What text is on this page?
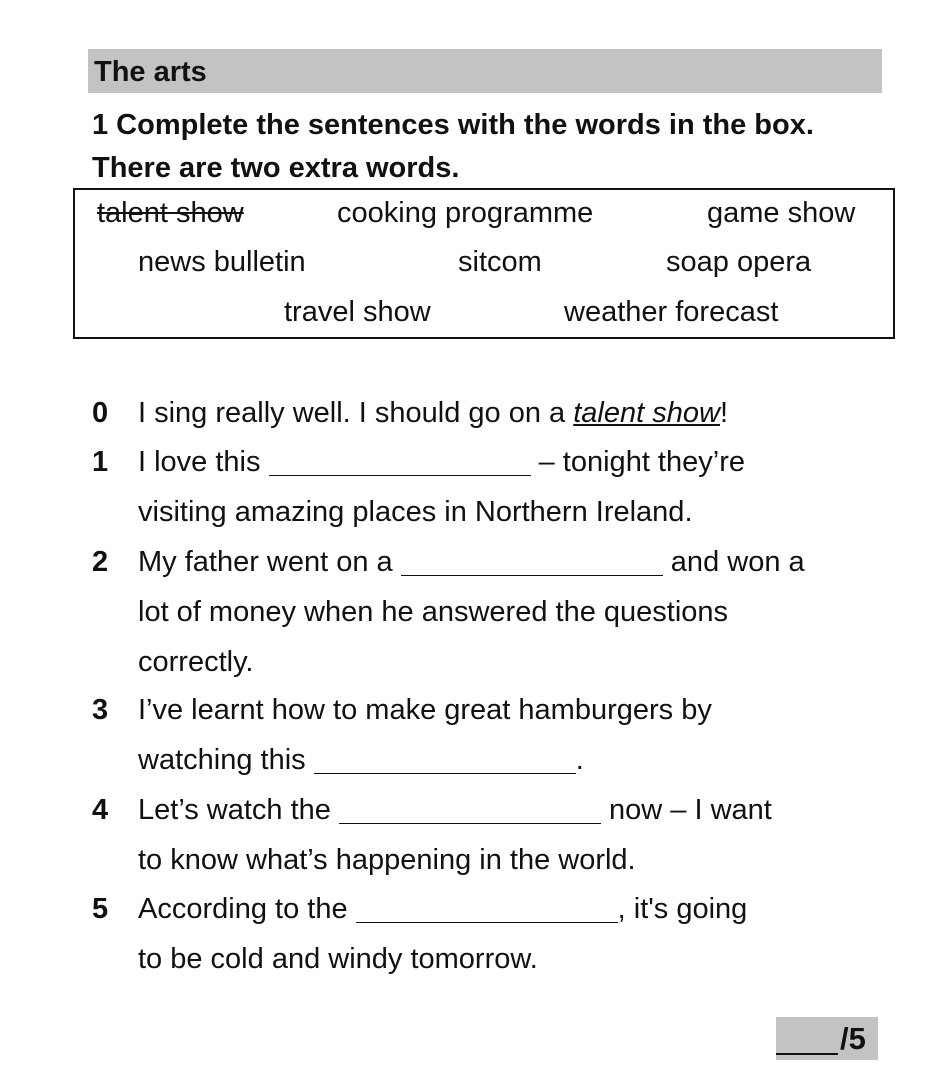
The arts
1 Complete the sentences with the words in the box.
There are two extra words.
talent show	cooking programme	game show
news bulletin	sitcom	soap opera
travel show	weather forecast
0 I sing really well. I should go on a talent show!
1 I love this	– tonight they’re
visiting amazing places in Northern Ireland.
2 My father went on a	and won a
lot of money when he answered the questions
correctly.
3 I’ve learnt how to make great hamburgers by
watching this	.
4 Let’s watch the	now – I want
to know what’s happening in the world.
5 According to the	, it's going
to be cold and windy tomorrow.
/5
